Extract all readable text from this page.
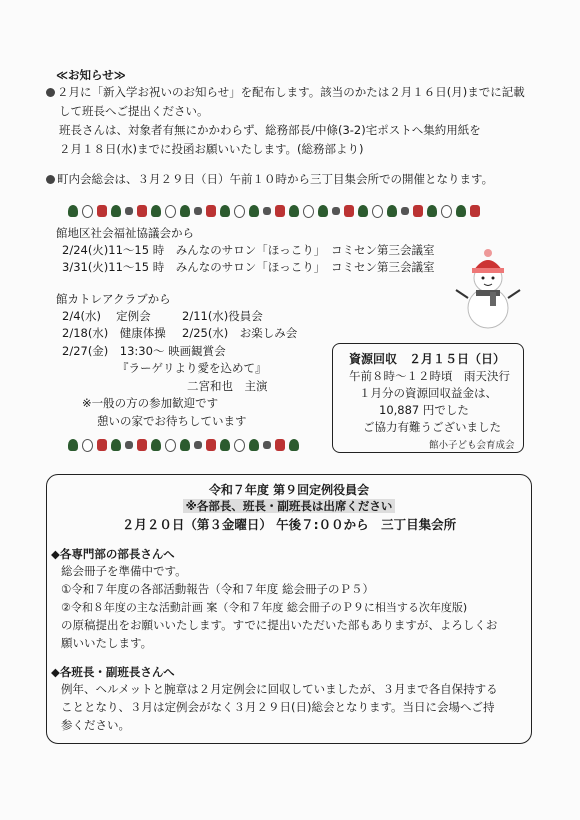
≪お知らせ≫
２月に「新入学お祝いのお知らせ」を配布します。該当のかたは２月１６日(月)までに記載
して班長へご提出ください。
班長さんは、対象者有無にかかわらず、総務部長/中條(3-2)宅ポストへ集約用紙を
２月１８日(水)までに投函お願いいたします。(総務部より)
町内会総会は、３月２９日（日）午前１０時から三丁目集会所での開催となります。
館地区社会福祉協議会から
2/24(火)11～15 時　みんなのサロン「ほっこり」　コミセン第三会議室
3/31(火)11～15 時　みんなのサロン「ほっこり」　コミセン第三会議室
館カトレアクラブから
2/4(水)　 定例会	2/11(水)役員会
2/18(水)　健康体操 2/25(水)　お楽しみ会
2/27(金)　13:30～ 映画観賞会
『ラーゲリより愛を込めて』
二宮和也　主演
※一般の方の参加歓迎です
憩いの家でお待ちしています
資源回収　２月１５日（日）
午前８時～１２時頃　雨天決行
１月分の資源回収益金は、
10,887 円でした
ご協力有難うございました
館小子ども会育成会
令和７年度 第９回定例役員会
※各部長、班長・副班長は出席ください
２月２０日（第３金曜日） 午後７:００から　三丁目集会所
◆各専門部の部長さんへ
総会冊子を準備中です。
①令和７年度の各部活動報告（令和７年度 総会冊子のＰ５）
②令和８年度の主な活動計画 案（令和７年度 総会冊子のＰ９に相当する次年度版)
の原稿提出をお願いいたします。すでに提出いただいた部もありますが、よろしくお
願いいたします。
◆各班長・副班長さんへ
例年、ヘルメットと腕章は２月定例会に回収していましたが、３月まで各自保持する
こととなり、３月は定例会がなく３月２９日(日)総会となります。当日に会場へご持
参ください。
